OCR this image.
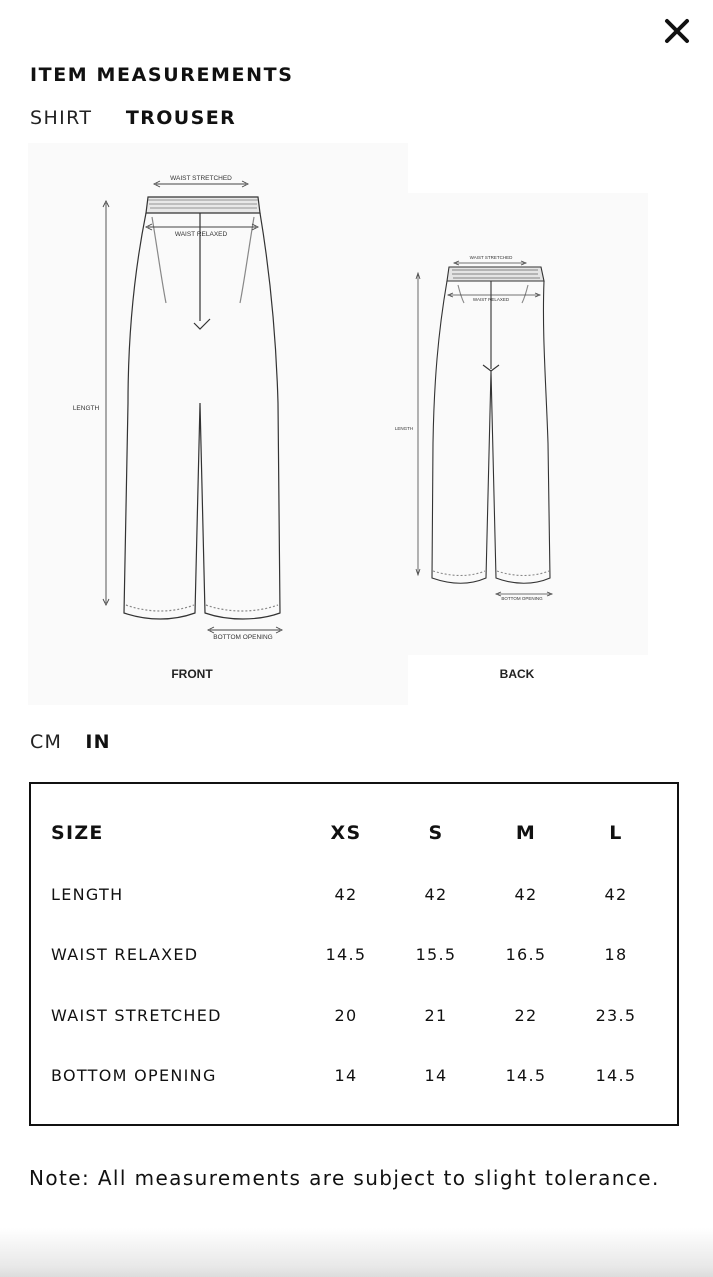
ITEM MEASUREMENTS
SHIRT TROUSER
WAIST STRETCHED
WAIST RELAXED
LENGTH
BOTTOM OPENING
FRONT
WAIST STRETCHED
WAIST RELAXED
LENGTH
BOTTOM OPENING
BACK
CM IN
SIZE	XS	S	M	L
LENGTH	42	42	42	42
WAIST RELAXED	14.5	15.5	16.5	18
WAIST STRETCHED	20	21	22	23.5
BOTTOM OPENING	14	14	14.5	14.5
Note: All measurements are subject to slight tolerance.
